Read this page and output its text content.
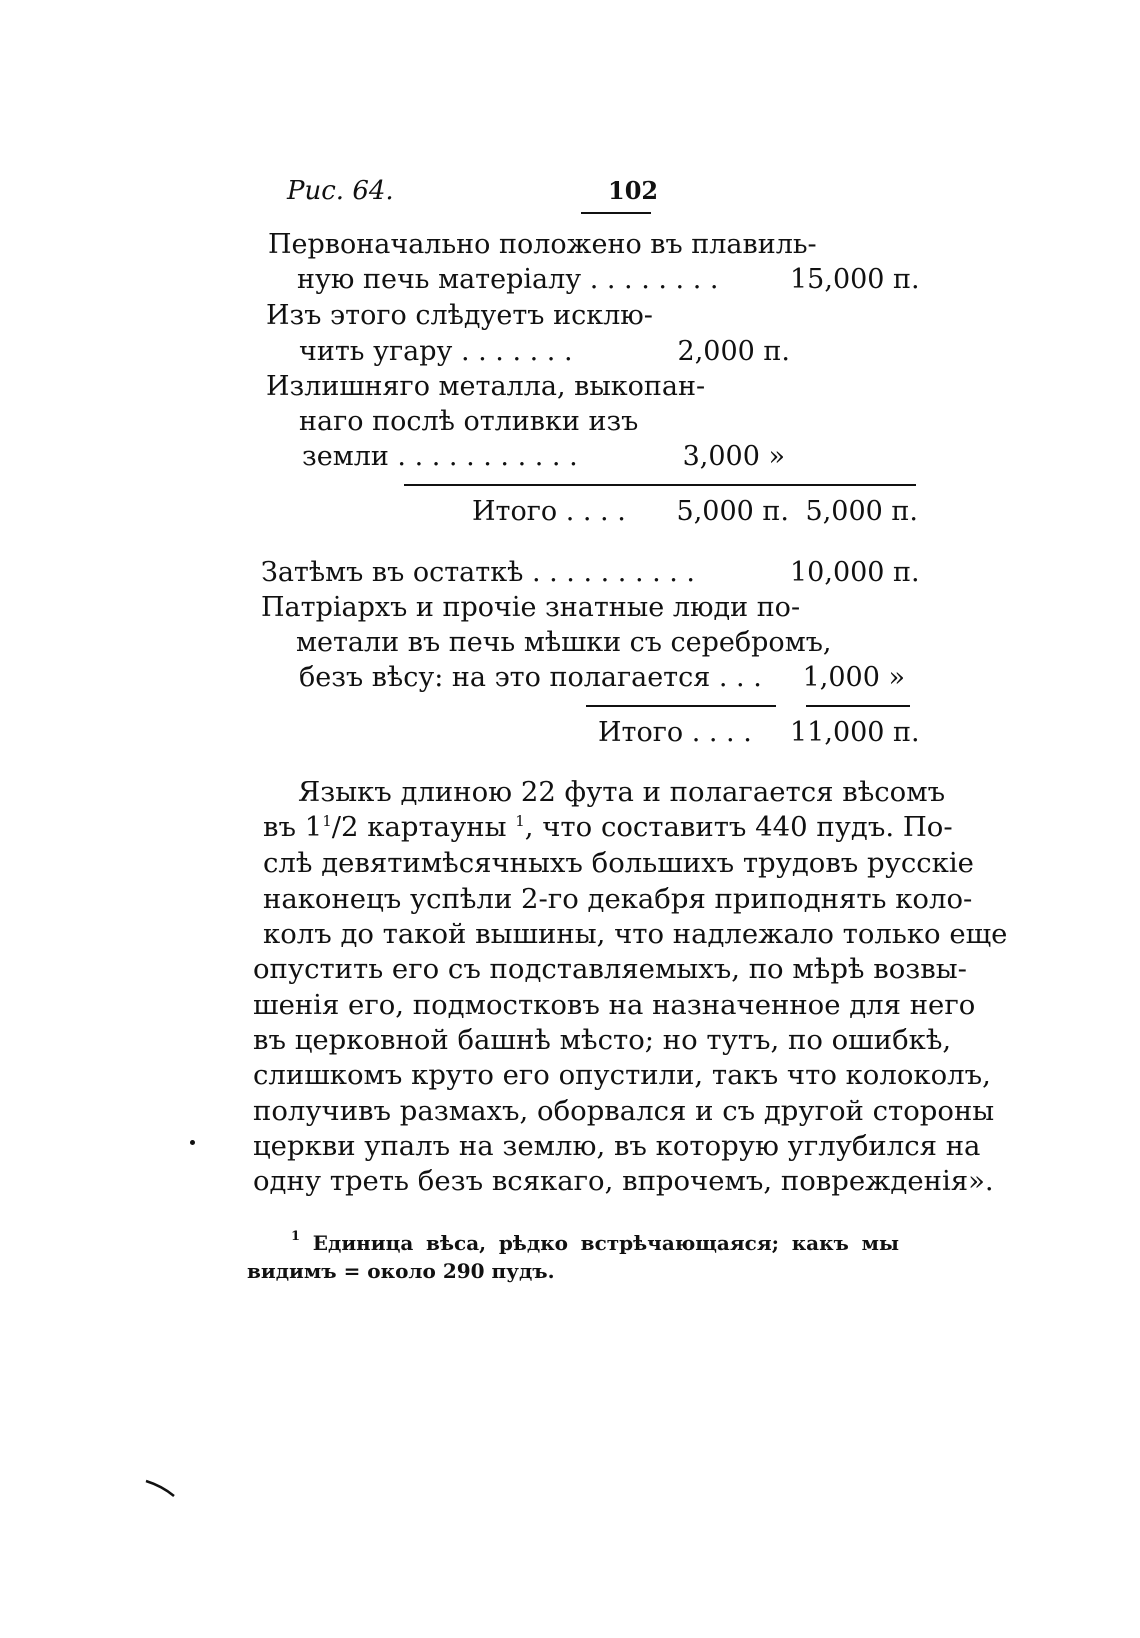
Рис. 64.	102
Первоначально положено въ плавиль-
ную печь матеріалу . . . . . . . .	15,000 п.
Изъ этого слѣдуетъ исклю-
чить угару . . . . . . .	2,000 п.
Излишняго металла, выкопан-
наго послѣ отливки изъ
земли . . . . . . . . . . .	3,000 »
Итого . . . .	5,000 п. 5,000 п.
Затѣмъ въ остаткѣ . . . . . . . . . .	10,000 п.
Патріархъ и прочіе знатные люди по-
метали въ печь мѣшки съ серебромъ,
безъ вѣсу: на это полагается . . .	1,000 »
Итого . . . . 11,000 п.
Языкъ длиною 22 фута и полагается вѣсомъ
въ $1^1/2$ картауны $^1$, что составитъ 440 пудъ. По-
слѣ девятимѣсячныхъ большихъ трудовъ русскіе
наконецъ успѣли 2-го декабря приподнять коло-
колъ до такой вышины, что надлежало только еще
опустить его съ подставляемыхъ, по мѣрѣ возвы-
шенія его, подмостковъ на назначенное для него
въ церковной башнѣ мѣсто; но тутъ, по ошибкѣ,
слишкомъ круто его опустили, такъ что колоколъ,
получивъ размахъ, оборвался и съ другой стороны
церкви упалъ на землю, въ которую углубился на
одну треть безъ всякаго, впрочемъ, поврежденія».
$^1$ Единица вѣса, рѣдко встрѣчающаяся; какъ мы
видимъ = около 290 пудъ.
